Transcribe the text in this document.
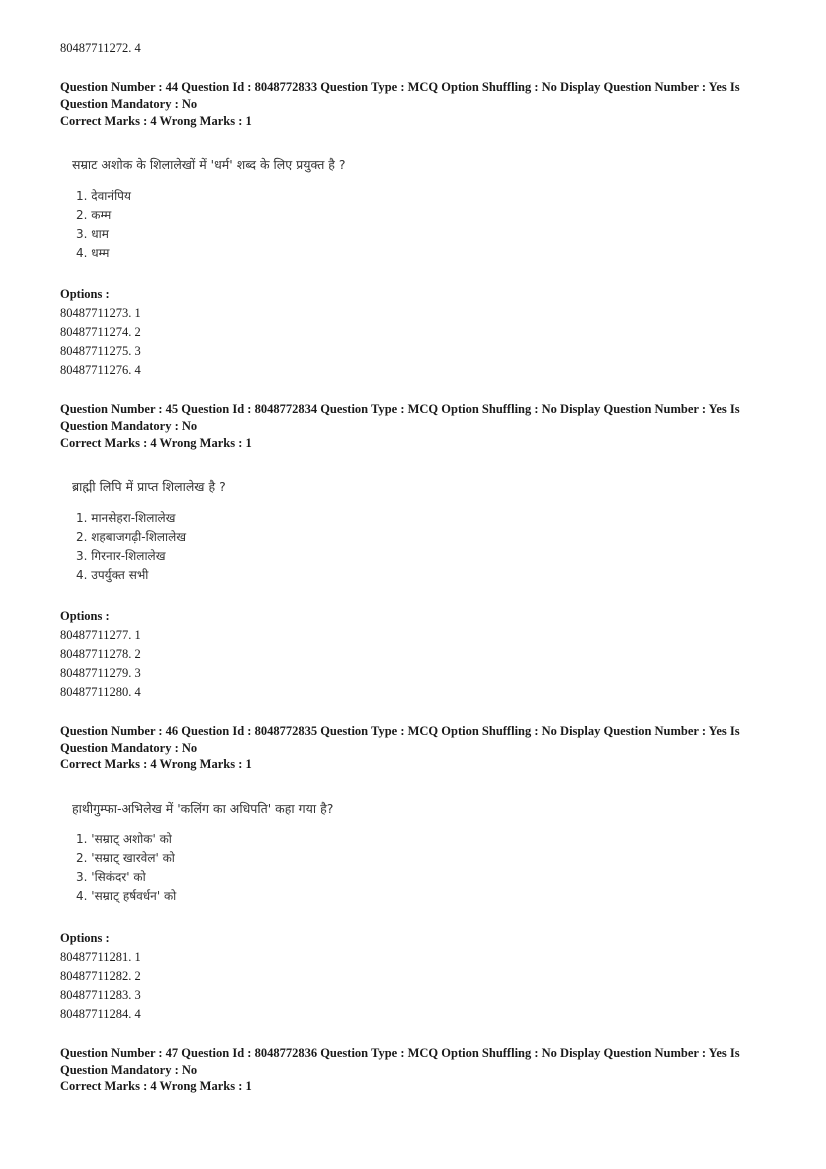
80487711272. 4
Question Number : 44 Question Id : 8048772833 Question Type : MCQ Option Shuffling : No Display Question Number : Yes Is
Question Mandatory : No
Correct Marks : 4 Wrong Marks : 1
सम्राट अशोक के शिलालेखों में 'धर्म' शब्द के लिए प्रयुक्त है ?
1. देवानंपिय
2. कम्म
3. धाम
4. धम्म
Options :
80487711273. 1
80487711274. 2
80487711275. 3
80487711276. 4
Question Number : 45 Question Id : 8048772834 Question Type : MCQ Option Shuffling : No Display Question Number : Yes Is
Question Mandatory : No
Correct Marks : 4 Wrong Marks : 1
ब्राह्मी लिपि में प्राप्त शिलालेख है ?
1. मानसेहरा-शिलालेख
2. शहबाजगढ़ी-शिलालेख
3. गिरनार-शिलालेख
4. उपर्युक्त सभी
Options :
80487711277. 1
80487711278. 2
80487711279. 3
80487711280. 4
Question Number : 46 Question Id : 8048772835 Question Type : MCQ Option Shuffling : No Display Question Number : Yes Is
Question Mandatory : No
Correct Marks : 4 Wrong Marks : 1
हाथीगुम्फा-अभिलेख में 'कलिंग का अधिपति' कहा गया है?
1. 'सम्राट् अशोक' को
2. 'सम्राट् खारवेल' को
3. 'सिकंदर' को
4. 'सम्राट् हर्षवर्धन' को
Options :
80487711281. 1
80487711282. 2
80487711283. 3
80487711284. 4
Question Number : 47 Question Id : 8048772836 Question Type : MCQ Option Shuffling : No Display Question Number : Yes Is
Question Mandatory : No
Correct Marks : 4 Wrong Marks : 1
